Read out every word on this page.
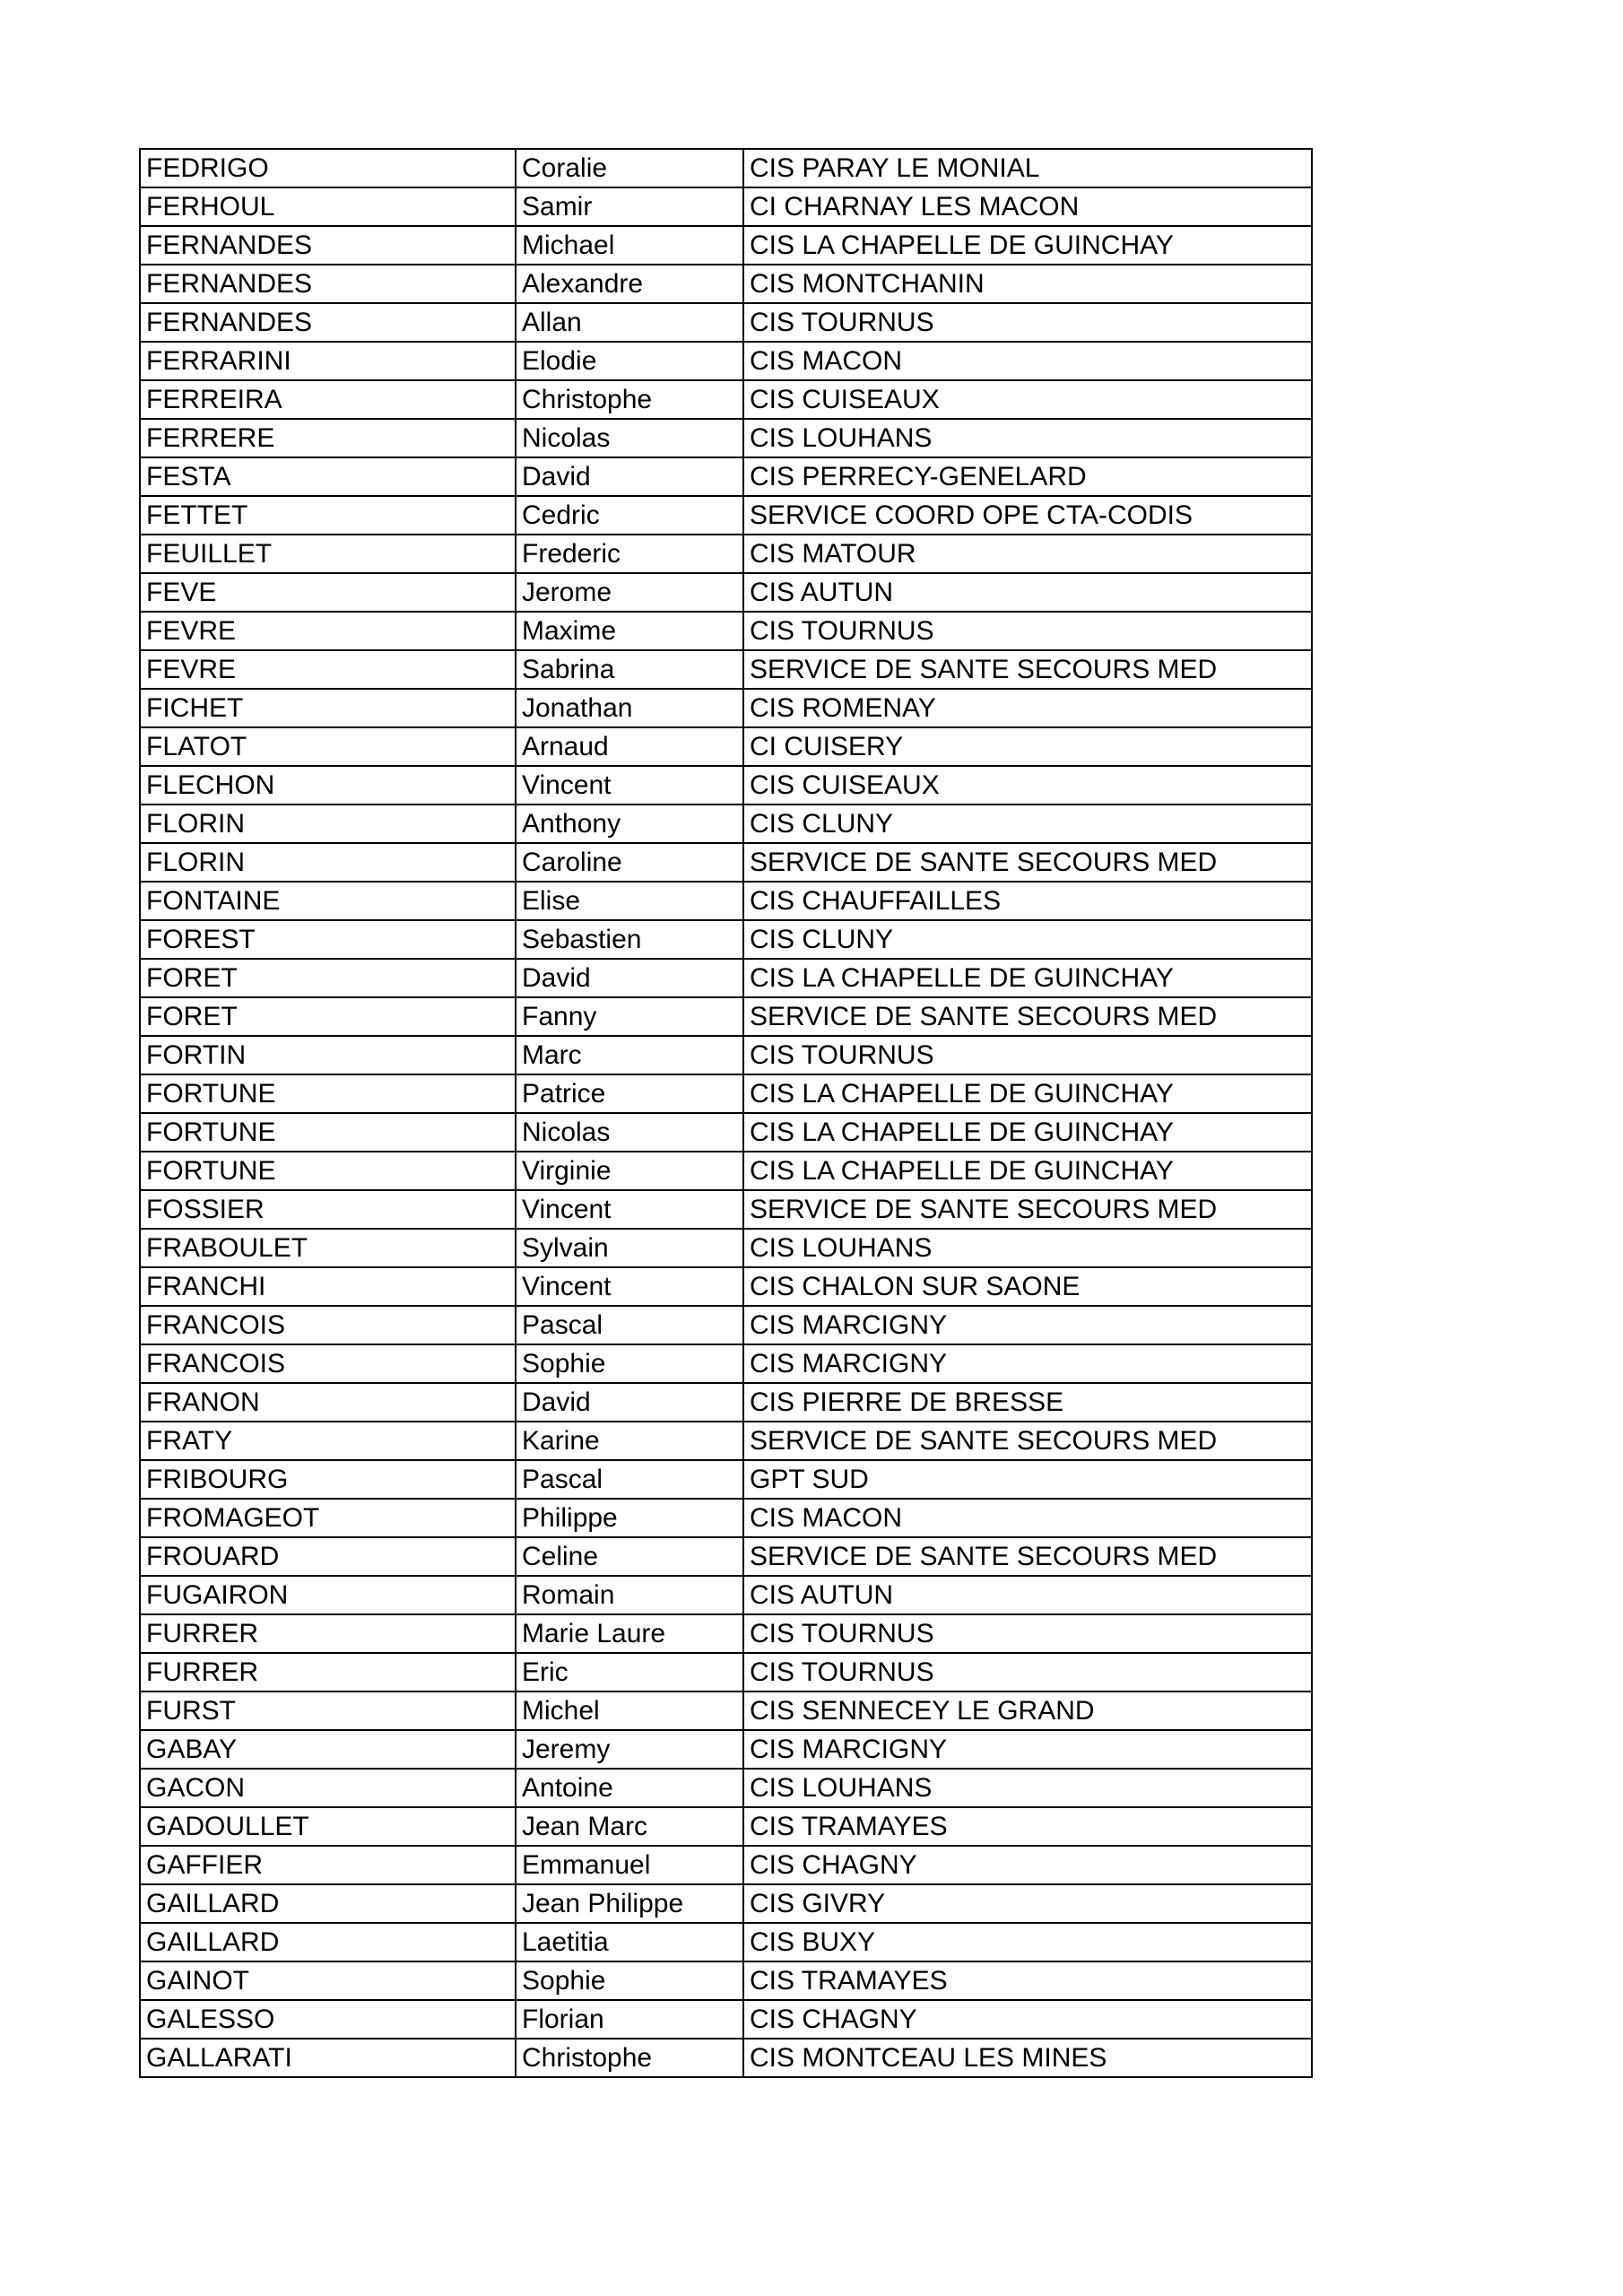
FEDRIGO	Coralie	CIS PARAY LE MONIAL
FERHOUL	Samir	CI CHARNAY LES MACON
FERNANDES	Michael	CIS LA CHAPELLE DE GUINCHAY
FERNANDES	Alexandre	CIS MONTCHANIN
FERNANDES	Allan	CIS TOURNUS
FERRARINI	Elodie	CIS MACON
FERREIRA	Christophe	CIS CUISEAUX
FERRERE	Nicolas	CIS LOUHANS
FESTA	David	CIS PERRECY-GENELARD
FETTET	Cedric	SERVICE COORD OPE CTA-CODIS
FEUILLET	Frederic	CIS MATOUR
FEVE	Jerome	CIS AUTUN
FEVRE	Maxime	CIS TOURNUS
FEVRE	Sabrina	SERVICE DE SANTE SECOURS MED
FICHET	Jonathan	CIS ROMENAY
FLATOT	Arnaud	CI CUISERY
FLECHON	Vincent	CIS CUISEAUX
FLORIN	Anthony	CIS CLUNY
FLORIN	Caroline	SERVICE DE SANTE SECOURS MED
FONTAINE	Elise	CIS CHAUFFAILLES
FOREST	Sebastien	CIS CLUNY
FORET	David	CIS LA CHAPELLE DE GUINCHAY
FORET	Fanny	SERVICE DE SANTE SECOURS MED
FORTIN	Marc	CIS TOURNUS
FORTUNE	Patrice	CIS LA CHAPELLE DE GUINCHAY
FORTUNE	Nicolas	CIS LA CHAPELLE DE GUINCHAY
FORTUNE	Virginie	CIS LA CHAPELLE DE GUINCHAY
FOSSIER	Vincent	SERVICE DE SANTE SECOURS MED
FRABOULET	Sylvain	CIS LOUHANS
FRANCHI	Vincent	CIS CHALON SUR SAONE
FRANCOIS	Pascal	CIS MARCIGNY
FRANCOIS	Sophie	CIS MARCIGNY
FRANON	David	CIS PIERRE DE BRESSE
FRATY	Karine	SERVICE DE SANTE SECOURS MED
FRIBOURG	Pascal	GPT SUD
FROMAGEOT	Philippe	CIS MACON
FROUARD	Celine	SERVICE DE SANTE SECOURS MED
FUGAIRON	Romain	CIS AUTUN
FURRER	Marie Laure	CIS TOURNUS
FURRER	Eric	CIS TOURNUS
FURST	Michel	CIS SENNECEY LE GRAND
GABAY	Jeremy	CIS MARCIGNY
GACON	Antoine	CIS LOUHANS
GADOULLET	Jean Marc	CIS TRAMAYES
GAFFIER	Emmanuel	CIS CHAGNY
GAILLARD	Jean Philippe	CIS GIVRY
GAILLARD	Laetitia	CIS BUXY
GAINOT	Sophie	CIS TRAMAYES
GALESSO	Florian	CIS CHAGNY
GALLARATI	Christophe	CIS MONTCEAU LES MINES
